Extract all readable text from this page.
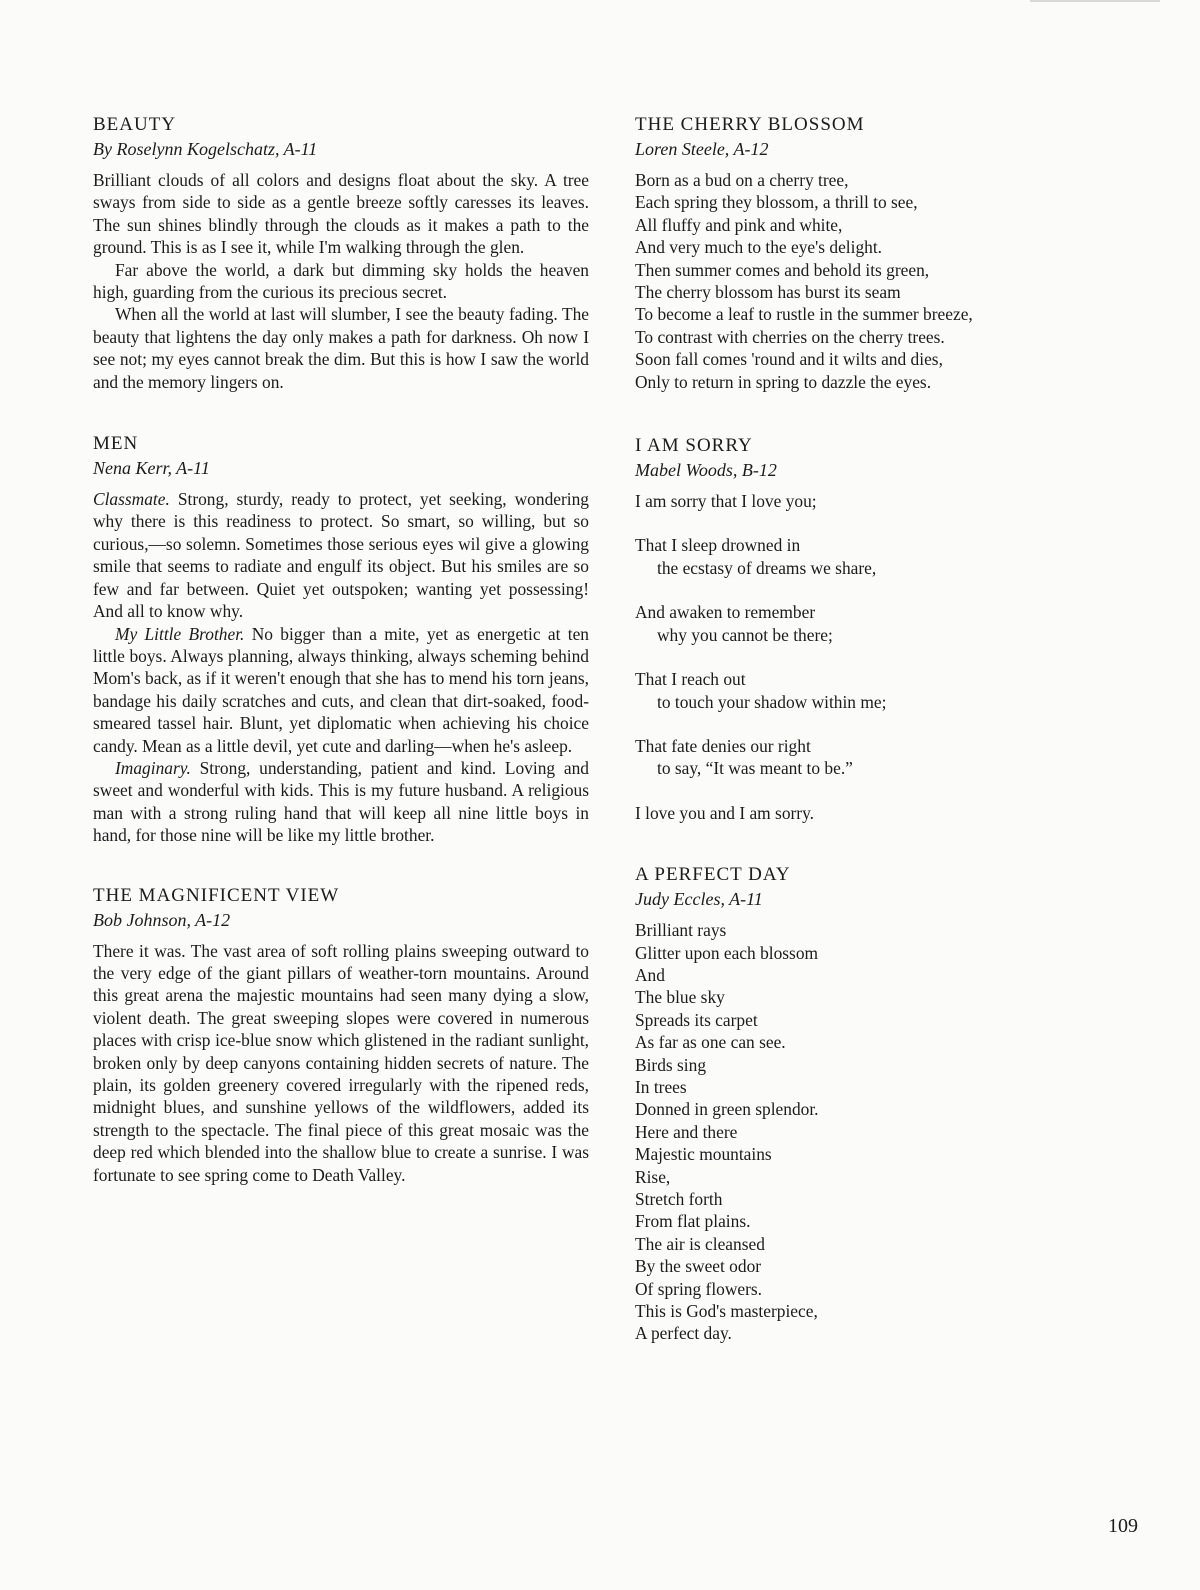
BEAUTY
By Roselynn Kogelschatz, A-11

Brilliant clouds of all colors and designs float about the sky. A tree sways from side to side as a gentle breeze softly caresses its leaves. The sun shines blindly through the clouds as it makes a path to the ground. This is as I see it, while I'm walking through the glen.

Far above the world, a dark but dimming sky holds the heaven high, guarding from the curious its precious secret.

When all the world at last will slumber, I see the beauty fading. The beauty that lightens the day only makes a path for darkness. Oh now I see not; my eyes cannot break the dim. But this is how I saw the world and the memory lingers on.

MEN
Nena Kerr, A-11

Classmate. Strong, sturdy, ready to protect, yet seeking, wondering why there is this readiness to protect. So smart, so willing, but so curious,—so solemn. Sometimes those serious eyes wil give a glowing smile that seems to radiate and engulf its object. But his smiles are so few and far between. Quiet yet outspoken; wanting yet possessing! And all to know why.

My Little Brother. No bigger than a mite, yet as energetic at ten little boys. Always planning, always thinking, always scheming behind Mom's back, as if it weren't enough that she has to mend his torn jeans, bandage his daily scratches and cuts, and clean that dirt-soaked, food-smeared tassel hair. Blunt, yet diplomatic when achieving his choice candy. Mean as a little devil, yet cute and darling—when he's asleep.

Imaginary. Strong, understanding, patient and kind. Loving and sweet and wonderful with kids. This is my future husband. A religious man with a strong ruling hand that will keep all nine little boys in hand, for those nine will be like my little brother.

THE MAGNIFICENT VIEW
Bob Johnson, A-12

There it was. The vast area of soft rolling plains sweeping outward to the very edge of the giant pillars of weather-torn mountains. Around this great arena the majestic mountains had seen many dying a slow, violent death. The great sweeping slopes were covered in numerous places with crisp ice-blue snow which glistened in the radiant sunlight, broken only by deep canyons containing hidden secrets of nature. The plain, its golden greenery covered irregularly with the ripened reds, midnight blues, and sunshine yellows of the wildflowers, added its strength to the spectacle. The final piece of this great mosaic was the deep red which blended into the shallow blue to create a sunrise. I was fortunate to see spring come to Death Valley.

THE CHERRY BLOSSOM
Loren Steele, A-12
Born as a bud on a cherry tree,
Each spring they blossom, a thrill to see,
All fluffy and pink and white,
And very much to the eye's delight.
Then summer comes and behold its green,
The cherry blossom has burst its seam
To become a leaf to rustle in the summer breeze,
To contrast with cherries on the cherry trees.
Soon fall comes 'round and it wilts and dies,
Only to return in spring to dazzle the eyes.
I AM SORRY
Mabel Woods, B-12
I am sorry that I love you;
That I sleep drowned in
the ecstasy of dreams we share,
And awaken to remember
why you cannot be there;
That I reach out
to touch your shadow within me;
That fate denies our right
to say, “It was meant to be.”
I love you and I am sorry.
A PERFECT DAY
Judy Eccles, A-11
Brilliant rays
Glitter upon each blossom
And
The blue sky
Spreads its carpet
As far as one can see.
Birds sing
In trees
Donned in green splendor.
Here and there
Majestic mountains
Rise,
Stretch forth
From flat plains.
The air is cleansed
By the sweet odor
Of spring flowers.
This is God's masterpiece,
A perfect day.
109
